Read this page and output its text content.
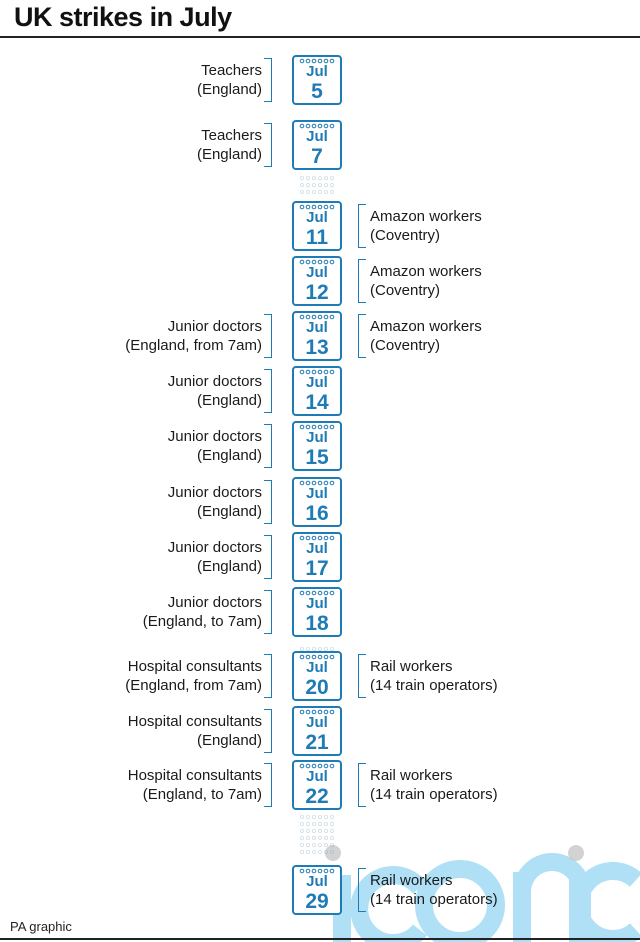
UK strikes in July
Jul
5
Teachers
(England)
Jul
7
Teachers
(England)
Jul
11
Amazon workers
(Coventry)
Jul
12
Amazon workers
(Coventry)
Jul
13
Junior doctors
(England, from 7am)
Amazon workers
(Coventry)
Jul
14
Junior doctors
(England)
Jul
15
Junior doctors
(England)
Jul
16
Junior doctors
(England)
Jul
17
Junior doctors
(England)
Jul
18
Junior doctors
(England, to 7am)
Jul
20
Hospital consultants
(England, from 7am)
Rail workers
(14 train operators)
Jul
21
Hospital consultants
(England)
Jul
22
Hospital consultants
(England, to 7am)
Rail workers
(14 train operators)
Jul
29
Rail workers
(14 train operators)
PA graphic
